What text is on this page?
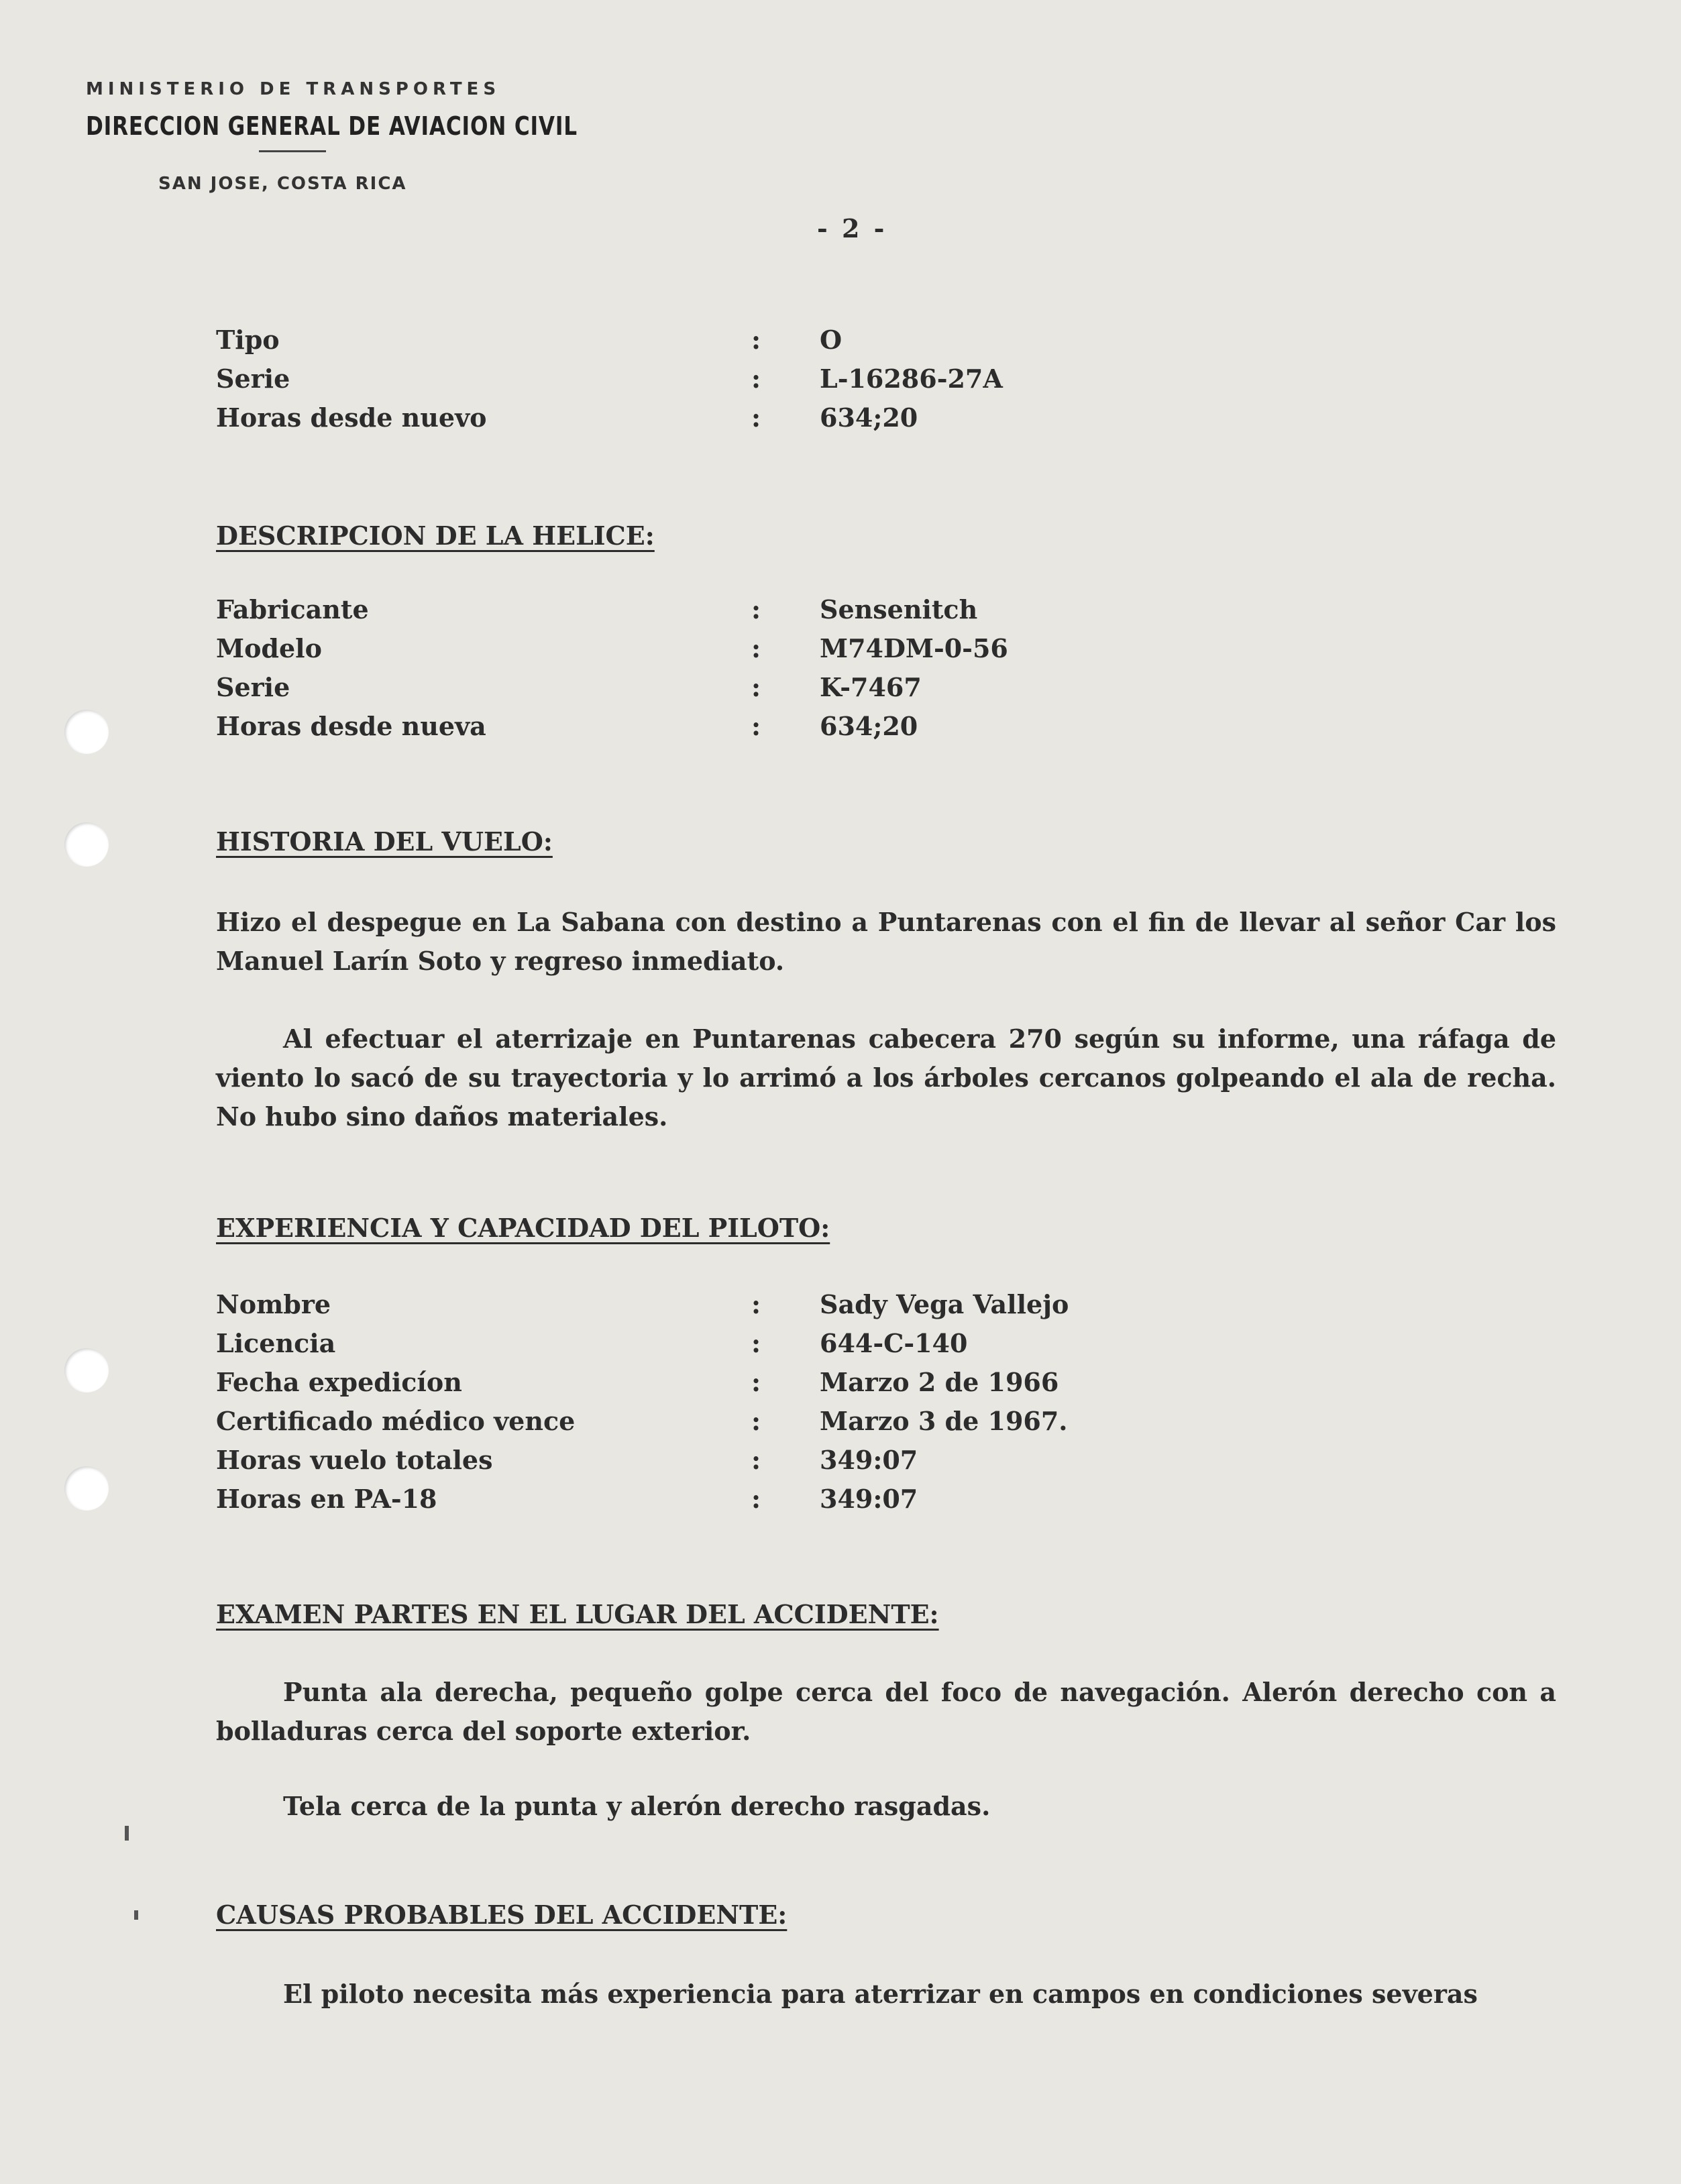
MINISTERIO DE TRANSPORTES
DIRECCION GENERAL DE AVIACION CIVIL
SAN JOSE, COSTA RICA
- 2 -
Tipo	: O
Serie	: L-16286-27A
Horas desde nuevo	: 634;20
DESCRIPCION DE LA HELICE:
Fabricante	: Sensenitch
Modelo	: M74DM-0-56
Serie	: K-7467
Horas desde nueva	: 634;20
HISTORIA DEL VUELO:
Hizo el despegue en La Sabana con destino a Puntarenas con el fin de llevar al señor Car los Manuel Larín Soto y regreso inmediato.
Al efectuar el aterrizaje en Puntarenas cabecera 270 según su informe, una ráfaga de viento lo sacó de su trayectoria y lo arrimó a los árboles cercanos golpeando el ala de recha. No hubo sino daños materiales.
EXPERIENCIA Y CAPACIDAD DEL PILOTO:
Nombre	: Sady Vega Vallejo
Licencia	: 644-C-140
Fecha expedicíon	: Marzo 2 de 1966
Certificado médico vence	: Marzo 3 de 1967.
Horas vuelo totales	: 349:07
Horas en PA-18	: 349:07
EXAMEN PARTES EN EL LUGAR DEL ACCIDENTE:
Punta ala derecha, pequeño golpe cerca del foco de navegación. Alerón derecho con a bolladuras cerca del soporte exterior.
Tela cerca de la punta y alerón derecho rasgadas.
CAUSAS PROBABLES DEL ACCIDENTE:
El piloto necesita más experiencia para aterrizar en campos en condiciones severas
